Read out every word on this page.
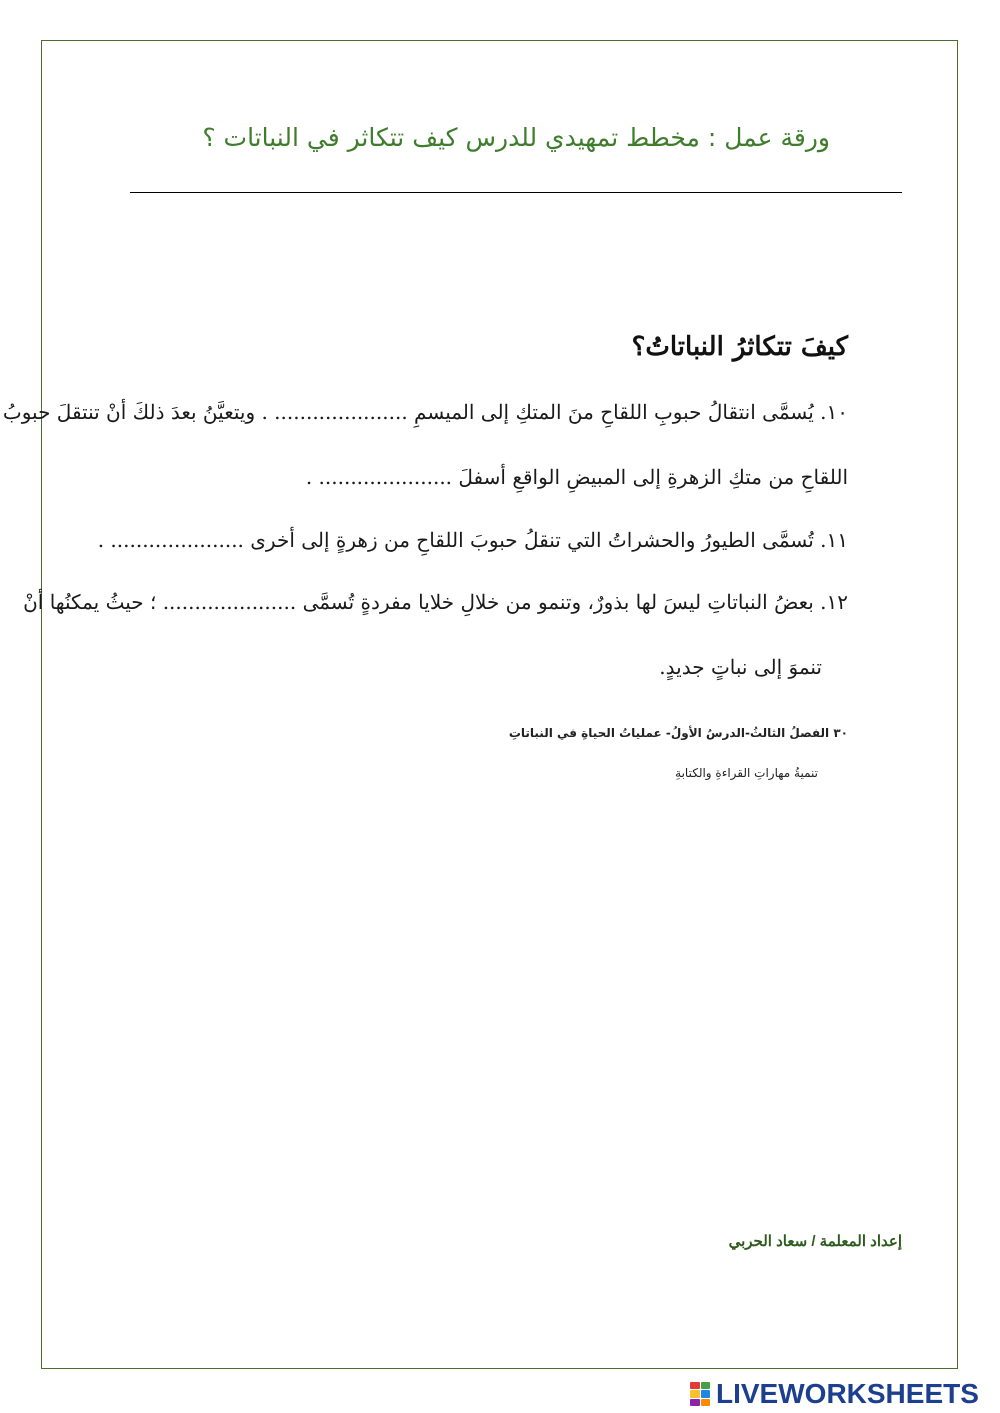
ورقة عمل : مخطط تمهيدي للدرس كيف تتكاثر في النباتات ؟
كيفَ تتكاثرُ النباتاتُ؟
١٠. يُسمَّى انتقالُ حبوبِ اللقاحِ منَ المتكِ إلى الميسمِ ..................... . ويتعيَّنُ بعدَ ذلكَ أنْ تنتقلَ حبوبُ
اللقاحِ من متكِ الزهرةِ إلى المبيضِ الواقعِ أسفلَ ..................... .
١١. تُسمَّى الطيورُ والحشراتُ التي تنقلُ حبوبَ اللقاحِ من زهرةٍ إلى أخرى ..................... .
١٢. بعضُ النباتاتِ ليسَ لها بذورٌ، وتنمو من خلالِ خلايا مفردةٍ تُسمَّى ..................... ؛ حيثُ يمكنُها أنْ
تنموَ إلى نباتٍ جديدٍ.
٣٠ الفصلُ الثالثُ-الدرسُ الأولُ- عملياتُ الحياةِ في النباتاتِ
تنميةُ مهاراتِ القراءةِ والكتابةِ
إعداد المعلمة / سعاد الحربي
LIVEWORKSHEETS
